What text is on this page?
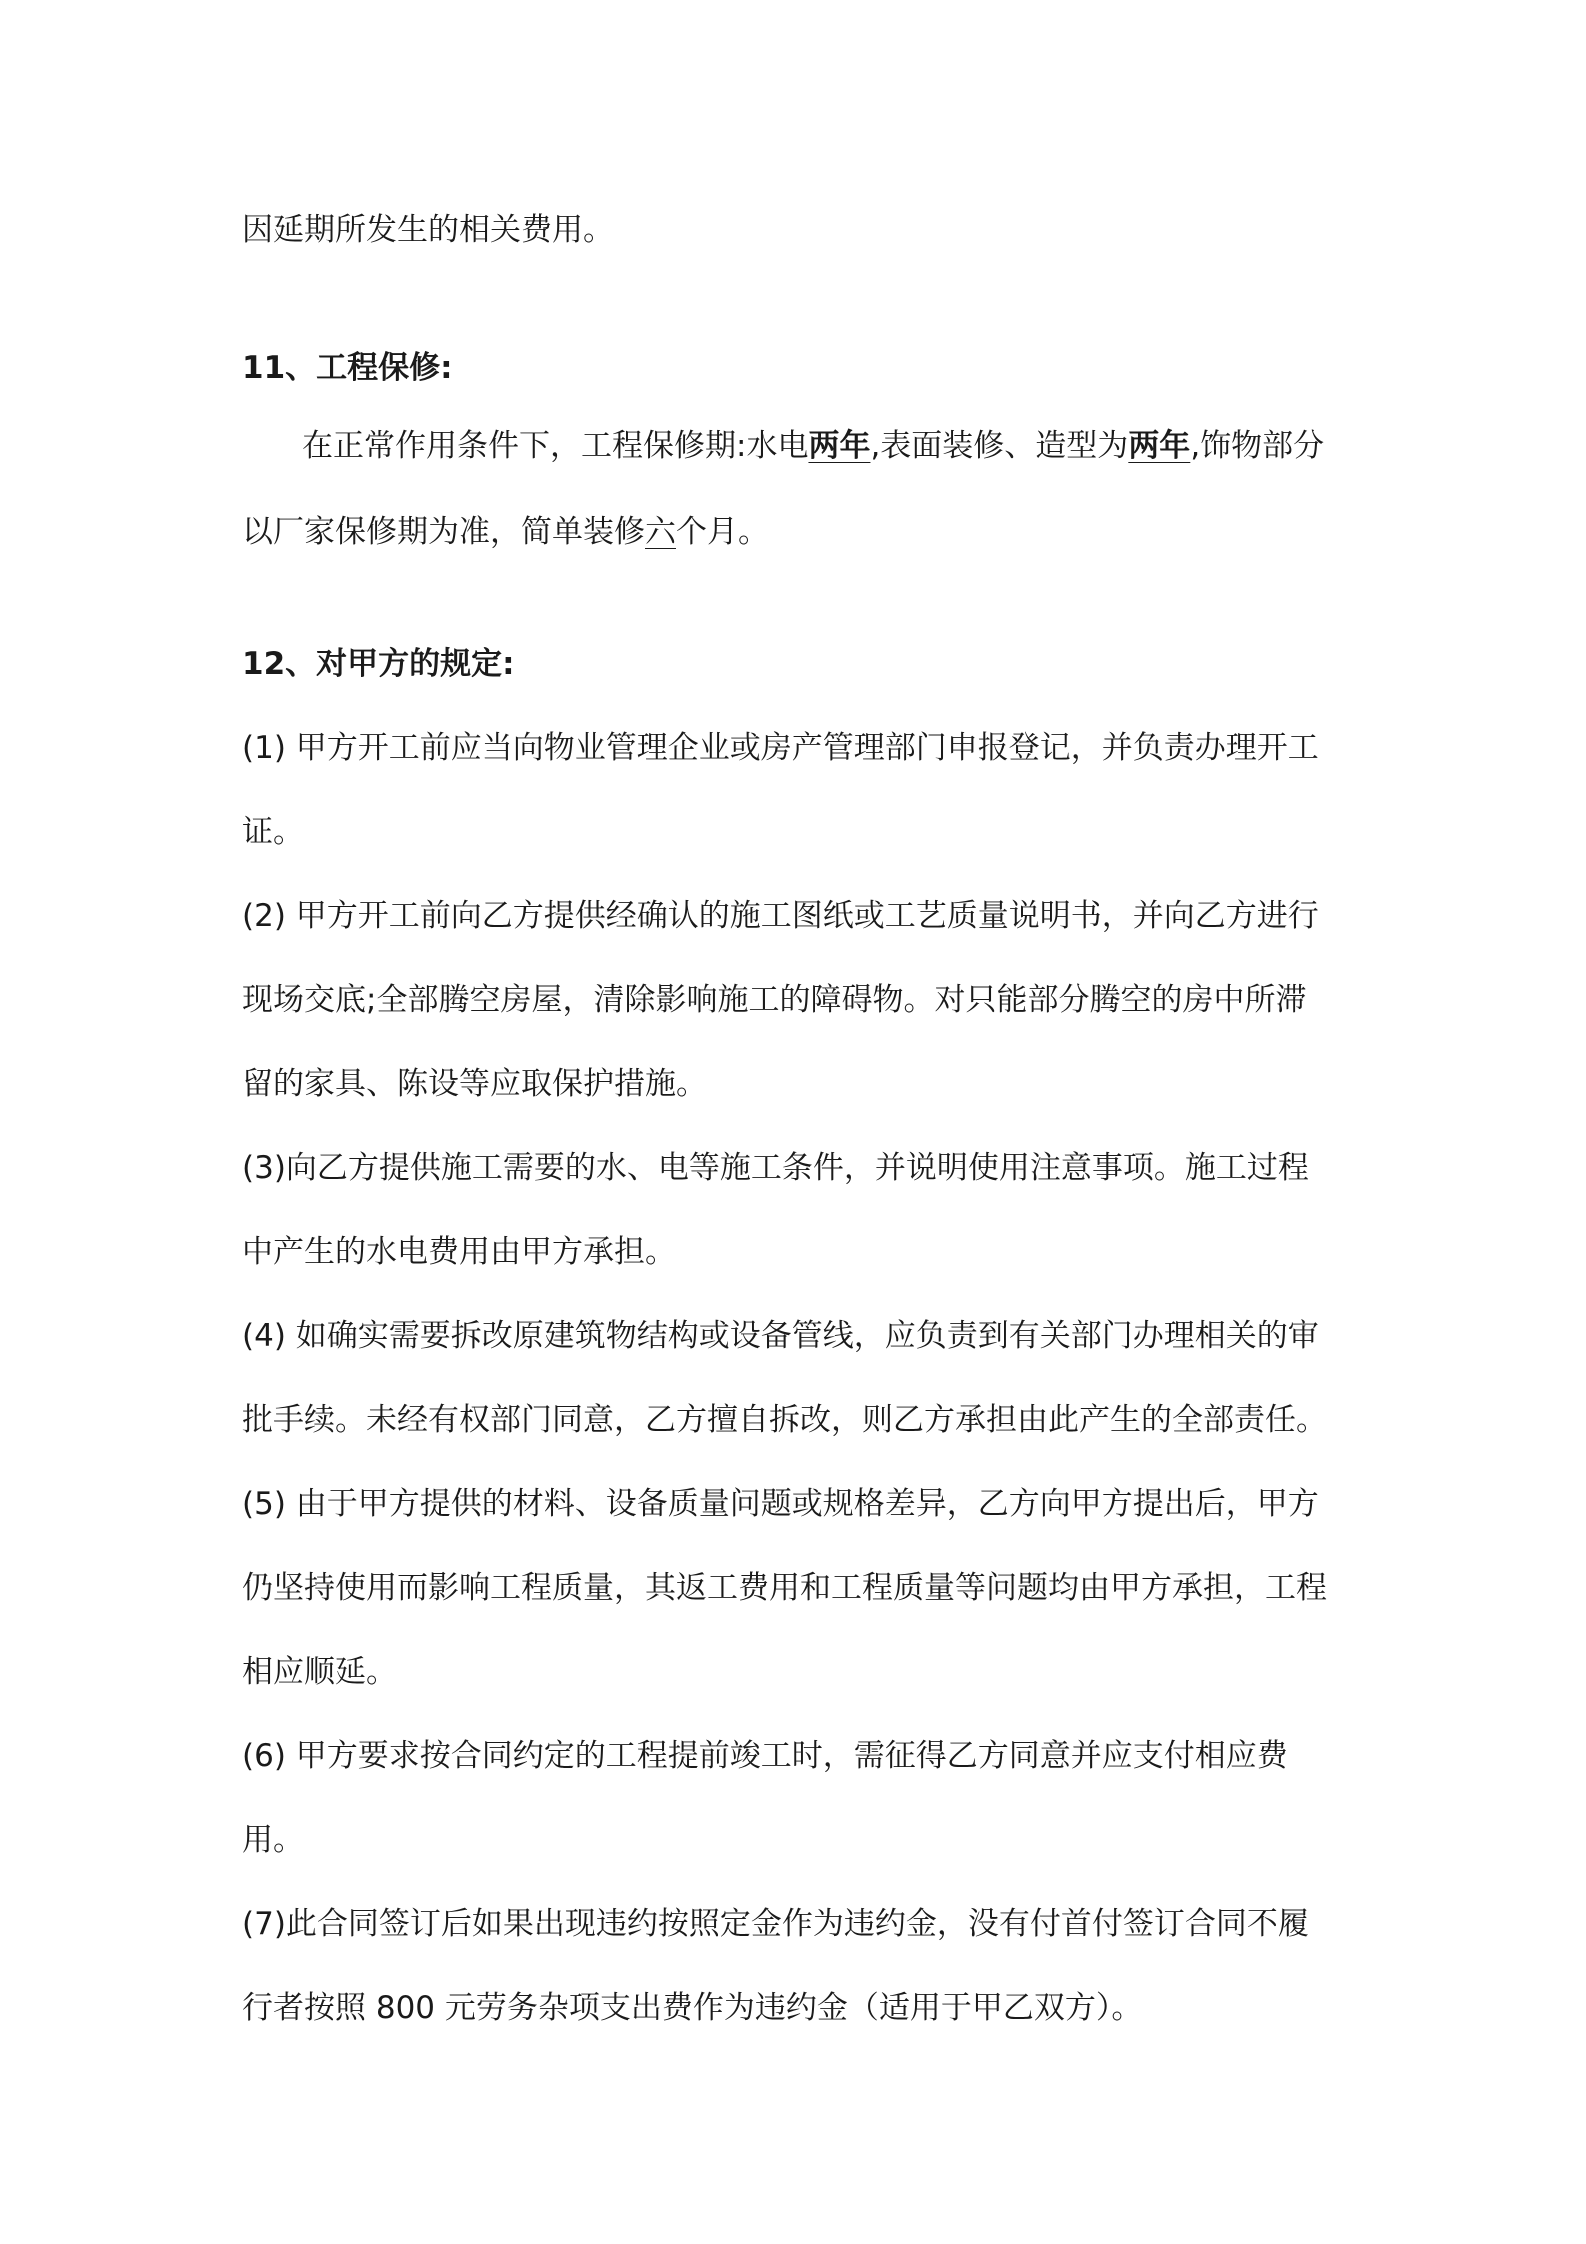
因延期所发生的相关费用。
11、工程保修:
在正常作用条件下，工程保修期:水电两年,表面装修、造型为两年,饰物部分
以厂家保修期为准，简单装修六个月。
12、对甲方的规定:
(1) 甲方开工前应当向物业管理企业或房产管理部门申报登记，并负责办理开工
证。
(2) 甲方开工前向乙方提供经确认的施工图纸或工艺质量说明书，并向乙方进行
现场交底;全部腾空房屋，清除影响施工的障碍物。对只能部分腾空的房中所滞
留的家具、陈设等应取保护措施。
(3)向乙方提供施工需要的水、电等施工条件，并说明使用注意事项。施工过程
中产生的水电费用由甲方承担。
(4) 如确实需要拆改原建筑物结构或设备管线，应负责到有关部门办理相关的审
批手续。未经有权部门同意，乙方擅自拆改，则乙方承担由此产生的全部责任。
(5) 由于甲方提供的材料、设备质量问题或规格差异，乙方向甲方提出后，甲方
仍坚持使用而影响工程质量，其返工费用和工程质量等问题均由甲方承担，工程
相应顺延。
(6) 甲方要求按合同约定的工程提前竣工时，需征得乙方同意并应支付相应费
用。
(7)此合同签订后如果出现违约按照定金作为违约金，没有付首付签订合同不履
行者按照 800 元劳务杂项支出费作为违约金（适用于甲乙双方）。
